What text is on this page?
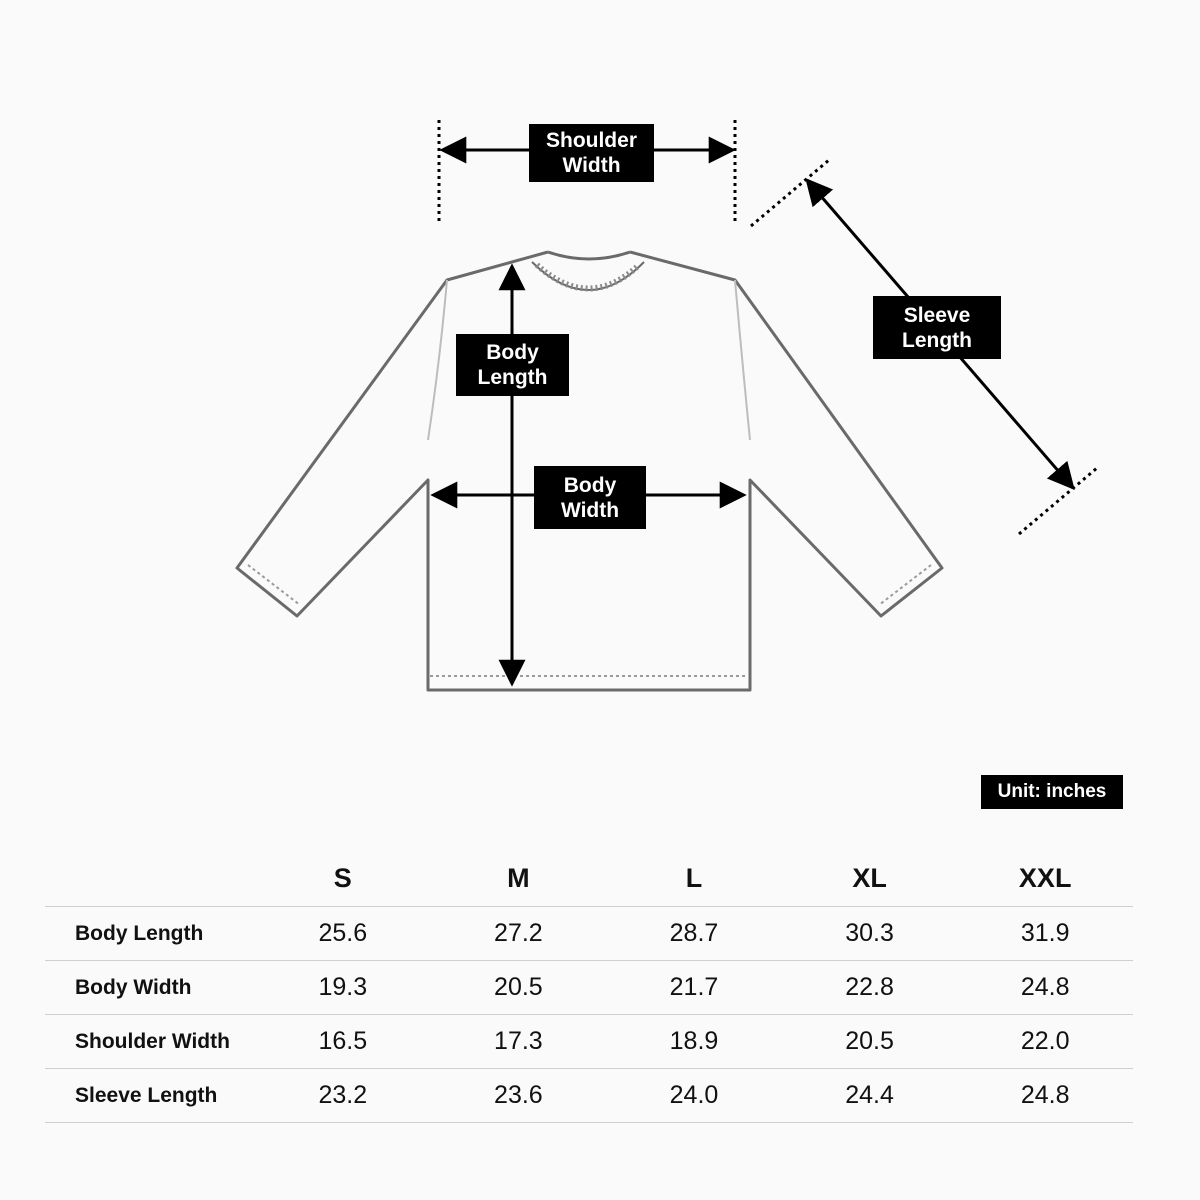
Shoulder
Width
Body
Length
Body
Width
Sleeve
Length
Unit: inches
	S	M	L	XL	XXL
Body Length	25.6	27.2	28.7	30.3	31.9
Body Width	19.3	20.5	21.7	22.8	24.8
Shoulder Width	16.5	17.3	18.9	20.5	22.0
Sleeve Length	23.2	23.6	24.0	24.4	24.8
